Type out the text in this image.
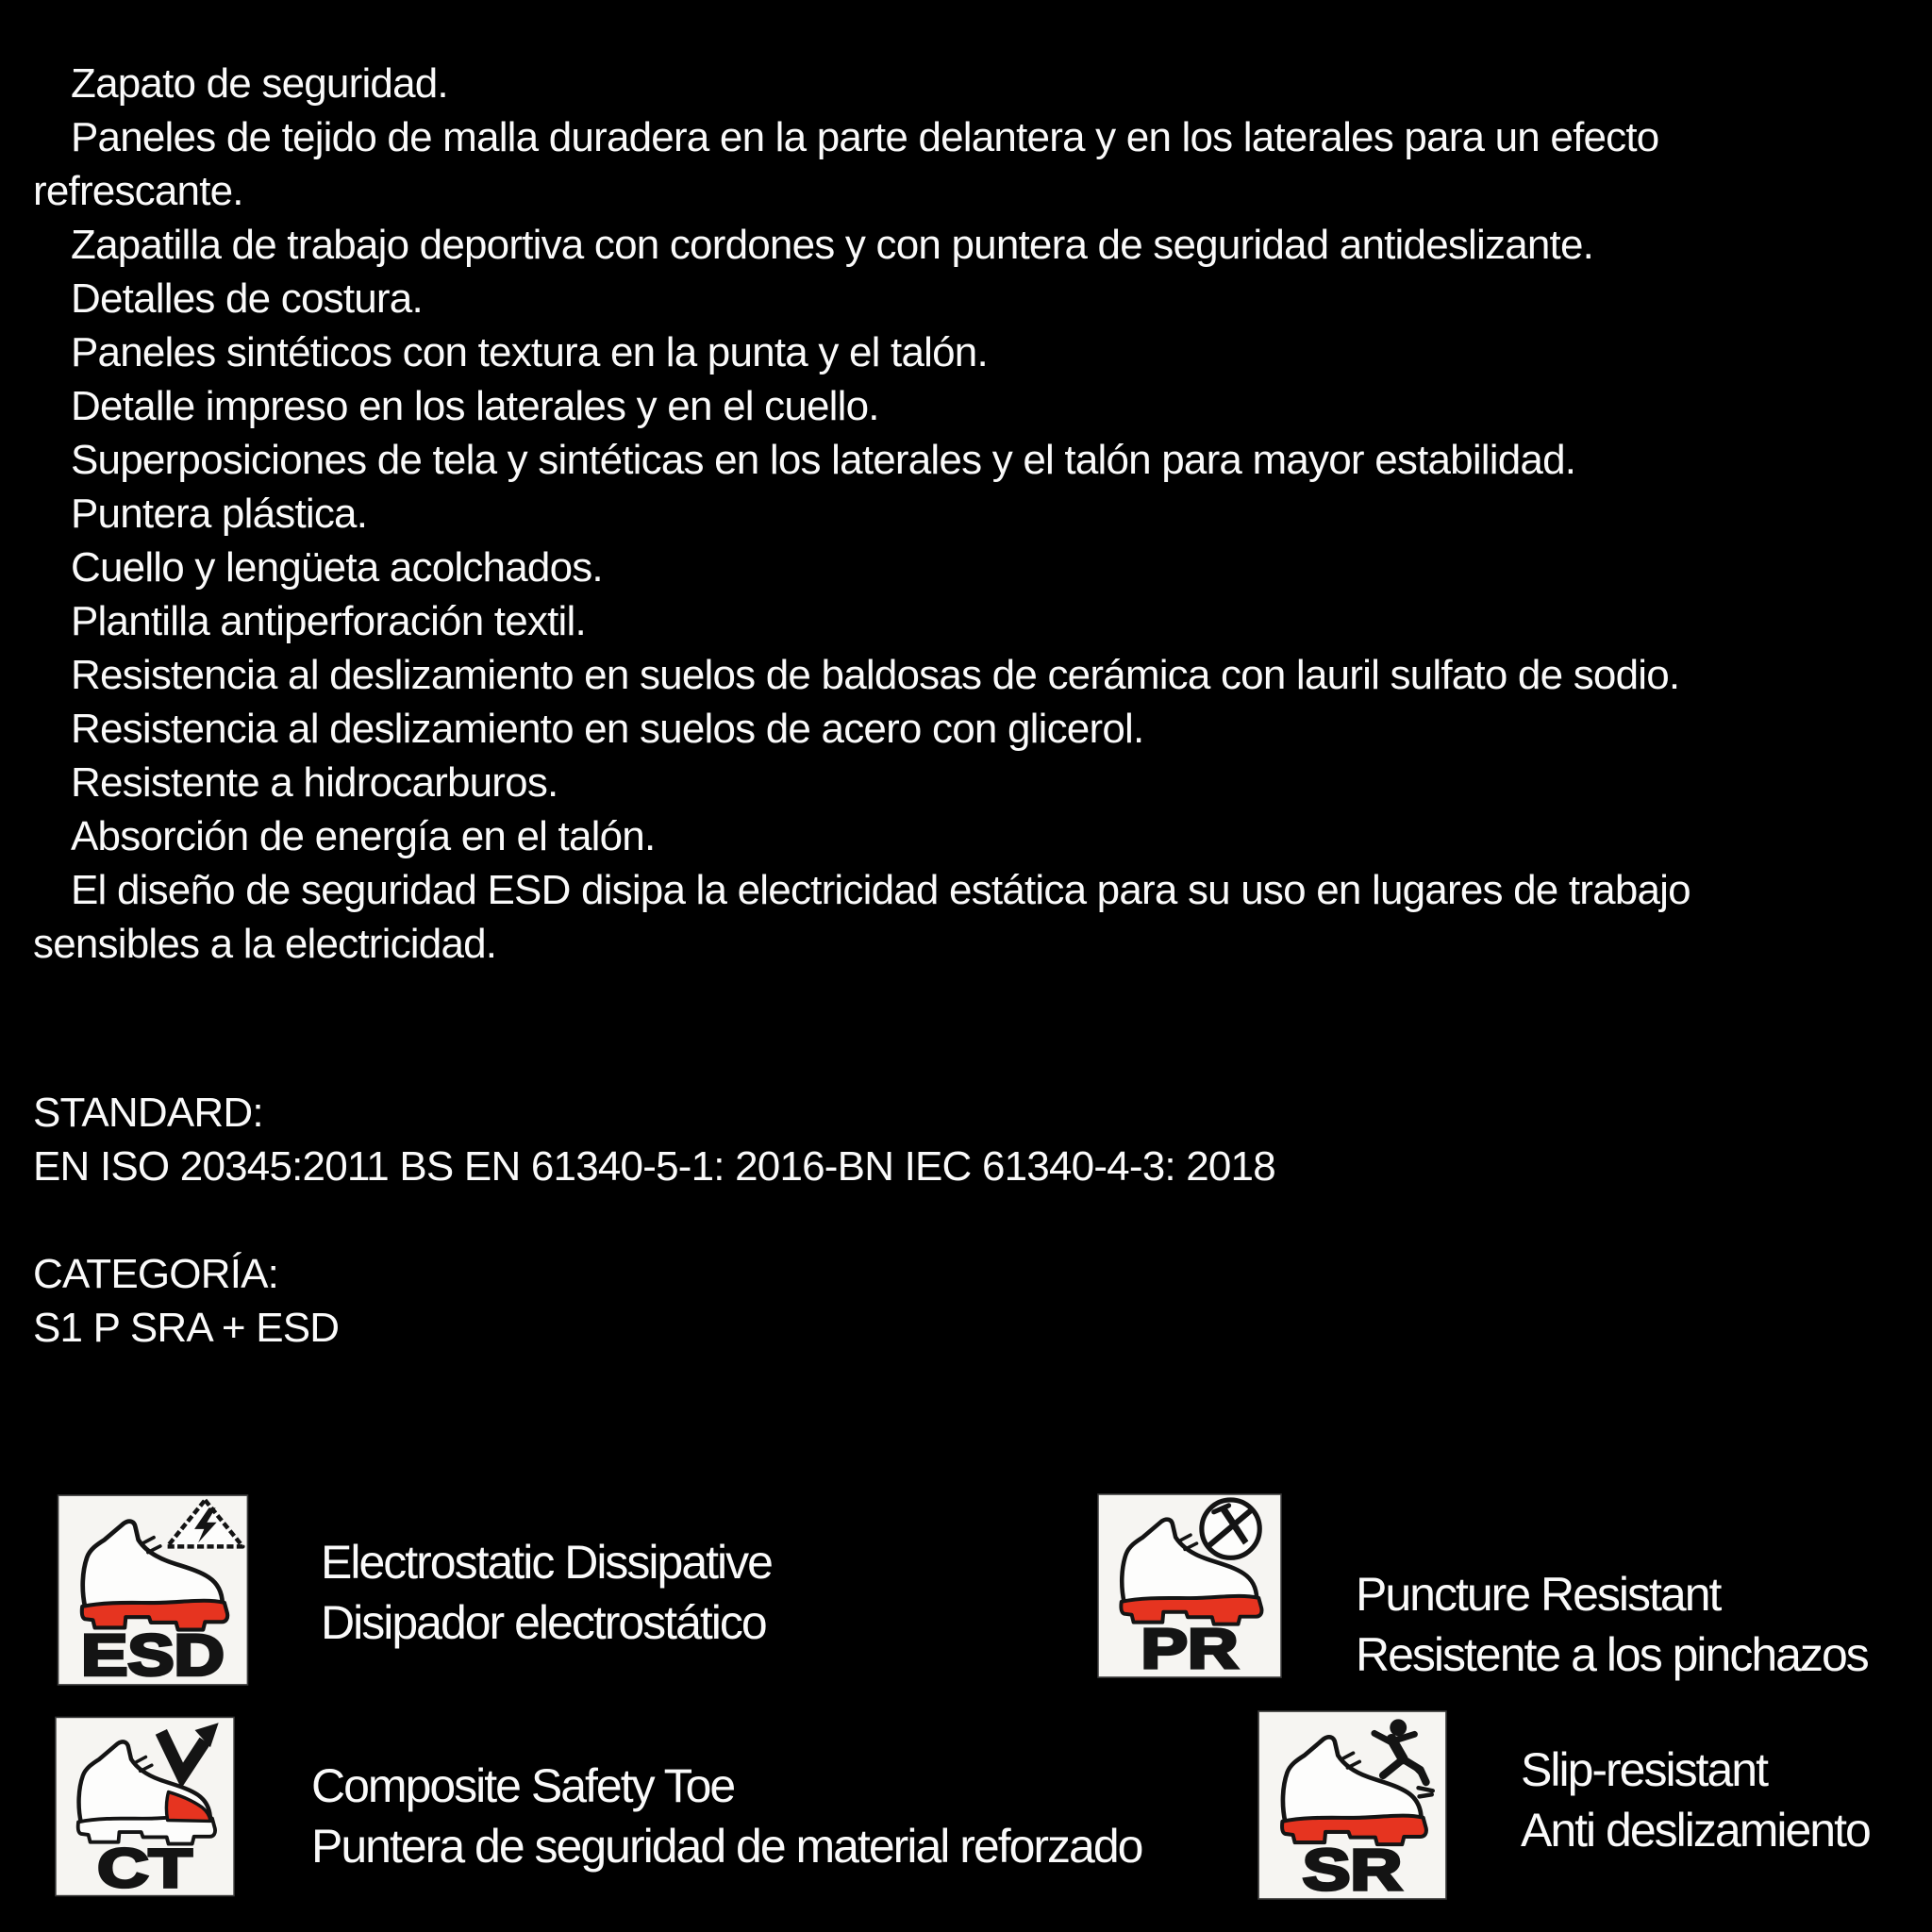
Zapato de seguridad.
Paneles de tejido de malla duradera en la parte delantera y en los laterales para un efecto
refrescante.
Zapatilla de trabajo deportiva con cordones y con puntera de seguridad antideslizante.
Detalles de costura.
Paneles sintéticos con textura en la punta y el talón.
Detalle impreso en los laterales y en el cuello.
Superposiciones de tela y sintéticas en los laterales y el talón para mayor estabilidad.
Puntera plástica.
Cuello y lengüeta acolchados.
Plantilla antiperforación textil.
Resistencia al deslizamiento en suelos de baldosas de cerámica con lauril sulfato de sodio.
Resistencia al deslizamiento en suelos de acero con glicerol.
Resistente a hidrocarburos.
Absorción de energía en el talón.
El diseño de seguridad ESD disipa la electricidad estática para su uso en lugares de trabajo
sensibles a la electricidad.
STANDARD:
EN ISO 20345:2011 BS EN 61340-5-1: 2016-BN IEC 61340-4-3: 2018
CATEGORÍA:
S1 P SRA + ESD
ESD
Electrostatic Dissipative
Disipador electrostático	PR
Puncture Resistant
Resistente a los pinchazos
CT
Composite Safety Toe
Puntera de seguridad de material reforzado	SR
Slip-resistant
Anti deslizamiento
